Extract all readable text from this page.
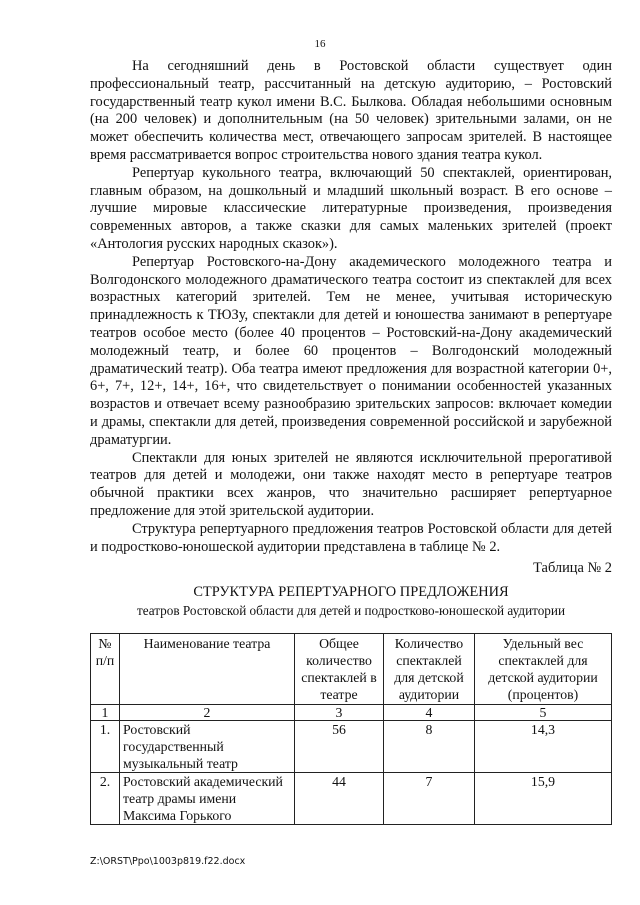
16

На сегодняшний день в Ростовской области существует один профессиональный театр, рассчитанный на детскую аудиторию, – Ростовский государственный театр кукол имени В.С. Былкова. Обладая небольшими основным (на 200 человек) и дополнительным (на 50 человек) зрительными залами, он не может обеспечить количества мест, отвечающего запросам зрителей. В настоящее время рассматривается вопрос строительства нового здания театра кукол.

Репертуар кукольного театра, включающий 50 спектаклей, ориентирован, главным образом, на дошкольный и младший школьный возраст. В его основе – лучшие мировые классические литературные произведения, произведения современных авторов, а также сказки для самых маленьких зрителей (проект «Антология русских народных сказок»).

Репертуар Ростовского-на-Дону академического молодежного театра и Волгодонского молодежного драматического театра состоит из спектаклей для всех возрастных категорий зрителей. Тем не менее, учитывая историческую принадлежность к ТЮЗу, спектакли для детей и юношества занимают в репертуаре театров особое место (более 40 процентов – Ростовский-на-Дону академический молодежный театр, и более 60 процентов – Волгодонский молодежный драматический театр). Оба театра имеют предложения для возрастной категории 0+, 6+, 7+, 12+, 14+, 16+, что свидетельствует о понимании особенностей указанных возрастов и отвечает всему разнообразию зрительских запросов: включает комедии и драмы, спектакли для детей, произведения современной российской и зарубежной драматургии.

Спектакли для юных зрителей не являются исключительной прерогативой театров для детей и молодежи, они также находят место в репертуаре театров обычной практики всех жанров, что значительно расширяет репертуарное предложение для этой зрительской аудитории.

Структура репертуарного предложения театров Ростовской области для детей и подростково-юношеской аудитории представлена в таблице № 2.

Таблица № 2
СТРУКТУРА РЕПЕРТУАРНОГО ПРЕДЛОЖЕНИЯ
театров Ростовской области для детей и подростково-юношеской аудитории
№ п/п	Наименование театра	Общее количество спектаклей в театре	Количество спектаклей для детской аудитории	Удельный вес спектаклей для детской аудитории (процентов)
1	2	3	4	5
1.	Ростовский государственный музыкальный театр	56	8	14,3
2.	Ростовский академический театр драмы имени Максима Горького	44	7	15,9
Z:\ORST\Ppo\1003p819.f22.docx
